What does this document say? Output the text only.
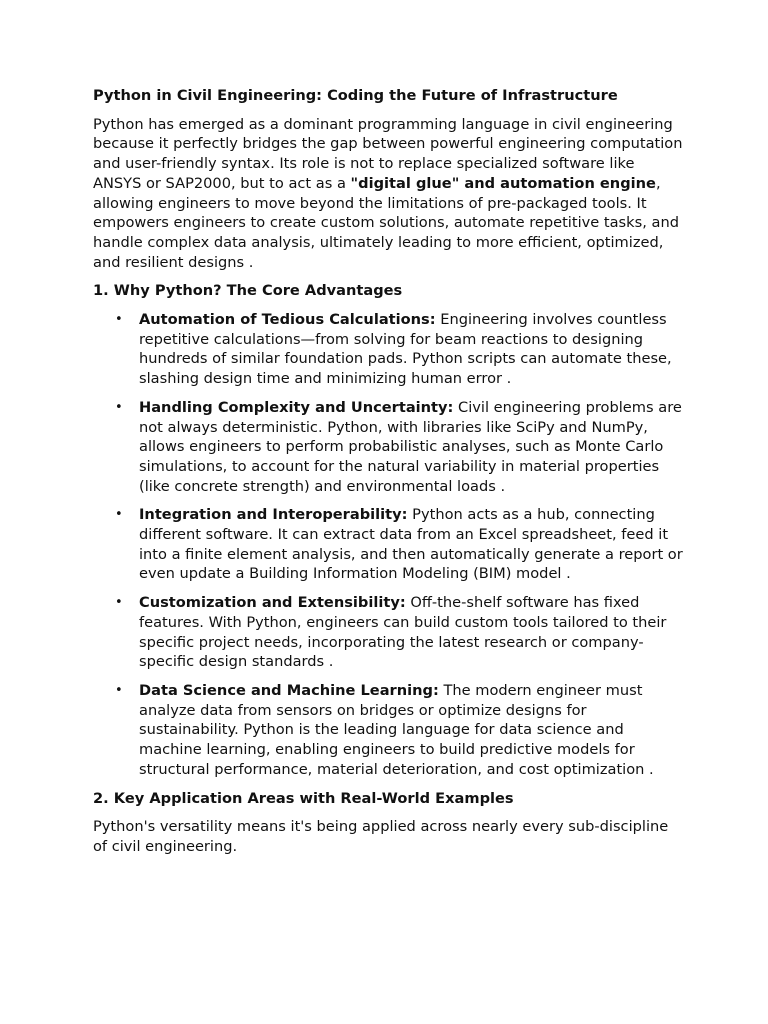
Python in Civil Engineering: Coding the Future of Infrastructure

Python has emerged as a dominant programming language in civil engineering because it perfectly bridges the gap between powerful engineering computation and user-friendly syntax. Its role is not to replace specialized software like ANSYS or SAP2000, but to act as a "digital glue" and automation engine, allowing engineers to move beyond the limitations of pre-packaged tools. It empowers engineers to create custom solutions, automate repetitive tasks, and handle complex data analysis, ultimately leading to more efficient, optimized, and resilient designs .

1. Why Python? The Core Advantages
• Automation of Tedious Calculations: Engineering involves countless repetitive calculations—from solving for beam reactions to designing hundreds of similar foundation pads. Python scripts can automate these, slashing design time and minimizing human error .
• Handling Complexity and Uncertainty: Civil engineering problems are not always deterministic. Python, with libraries like SciPy and NumPy, allows engineers to perform probabilistic analyses, such as Monte Carlo simulations, to account for the natural variability in material properties (like concrete strength) and environmental loads .
• Integration and Interoperability: Python acts as a hub, connecting different software. It can extract data from an Excel spreadsheet, feed it into a finite element analysis, and then automatically generate a report or even update a Building Information Modeling (BIM) model .
• Customization and Extensibility: Off-the-shelf software has fixed features. With Python, engineers can build custom tools tailored to their specific project needs, incorporating the latest research or company-specific design standards .
• Data Science and Machine Learning: The modern engineer must analyze data from sensors on bridges or optimize designs for sustainability. Python is the leading language for data science and machine learning, enabling engineers to build predictive models for structural performance, material deterioration, and cost optimization .
2. Key Application Areas with Real-World Examples

Python's versatility means it's being applied across nearly every sub-discipline of civil engineering.
